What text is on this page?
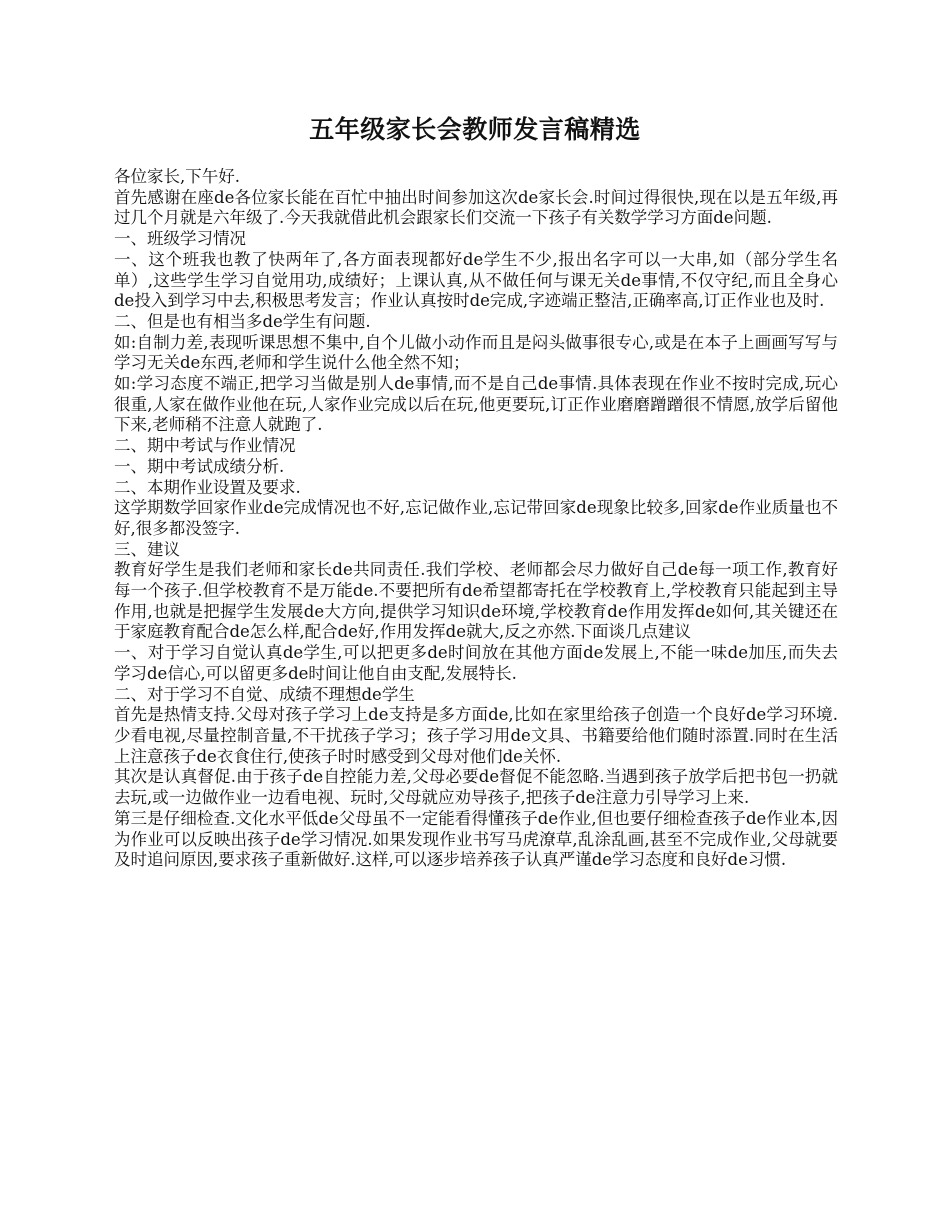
五年级家长会教师发言稿精选

各位家长,下午好.

首先感谢在座de各位家长能在百忙中抽出时间参加这次de家长会.时间过得很快,现在以是五年级,再过几个月就是六年级了.今天我就借此机会跟家长们交流一下孩子有关数学学习方面de问题.

一、班级学习情况

一、这个班我也教了快两年了,各方面表现都好de学生不少,报出名字可以一大串,如（部分学生名单）,这些学生学习自觉用功,成绩好；上课认真,从不做任何与课无关de事情,不仅守纪,而且全身心de投入到学习中去,积极思考发言；作业认真按时de完成,字迹端正整洁,正确率高,订正作业也及时.

二、但是也有相当多de学生有问题.

如:自制力差,表现听课思想不集中,自个儿做小动作而且是闷头做事很专心,或是在本子上画画写写与学习无关de东西,老师和学生说什么他全然不知；

如:学习态度不端正,把学习当做是别人de事情,而不是自己de事情.具体表现在作业不按时完成,玩心很重,人家在做作业他在玩,人家作业完成以后在玩,他更要玩,订正作业磨磨蹭蹭很不情愿,放学后留他下来,老师稍不注意人就跑了.

二、期中考试与作业情况

一、期中考试成绩分析.

二、本期作业设置及要求.

这学期数学回家作业de完成情况也不好,忘记做作业,忘记带回家de现象比较多,回家de作业质量也不好,很多都没签字.

三、建议

教育好学生是我们老师和家长de共同责任.我们学校、老师都会尽力做好自己de每一项工作,教育好每一个孩子.但学校教育不是万能de.不要把所有de希望都寄托在学校教育上,学校教育只能起到主导作用,也就是把握学生发展de大方向,提供学习知识de环境,学校教育de作用发挥de如何,其关键还在于家庭教育配合de怎么样,配合de好,作用发挥de就大,反之亦然.下面谈几点建议

一、对于学习自觉认真de学生,可以把更多de时间放在其他方面de发展上,不能一味de加压,而失去学习de信心,可以留更多de时间让他自由支配,发展特长.

二、对于学习不自觉、成绩不理想de学生

首先是热情支持.父母对孩子学习上de支持是多方面de,比如在家里给孩子创造一个良好de学习环境.少看电视,尽量控制音量,不干扰孩子学习；孩子学习用de文具、书籍要给他们随时添置.同时在生活上注意孩子de衣食住行,使孩子时时感受到父母对他们de关怀.

其次是认真督促.由于孩子de自控能力差,父母必要de督促不能忽略.当遇到孩子放学后把书包一扔就去玩,或一边做作业一边看电视、玩时,父母就应劝导孩子,把孩子de注意力引导学习上来.

第三是仔细检查.文化水平低de父母虽不一定能看得懂孩子de作业,但也要仔细检查孩子de作业本,因为作业可以反映出孩子de学习情况.如果发现作业书写马虎潦草,乱涂乱画,甚至不完成作业,父母就要及时追问原因,要求孩子重新做好.这样,可以逐步培养孩子认真严谨de学习态度和良好de习惯.
